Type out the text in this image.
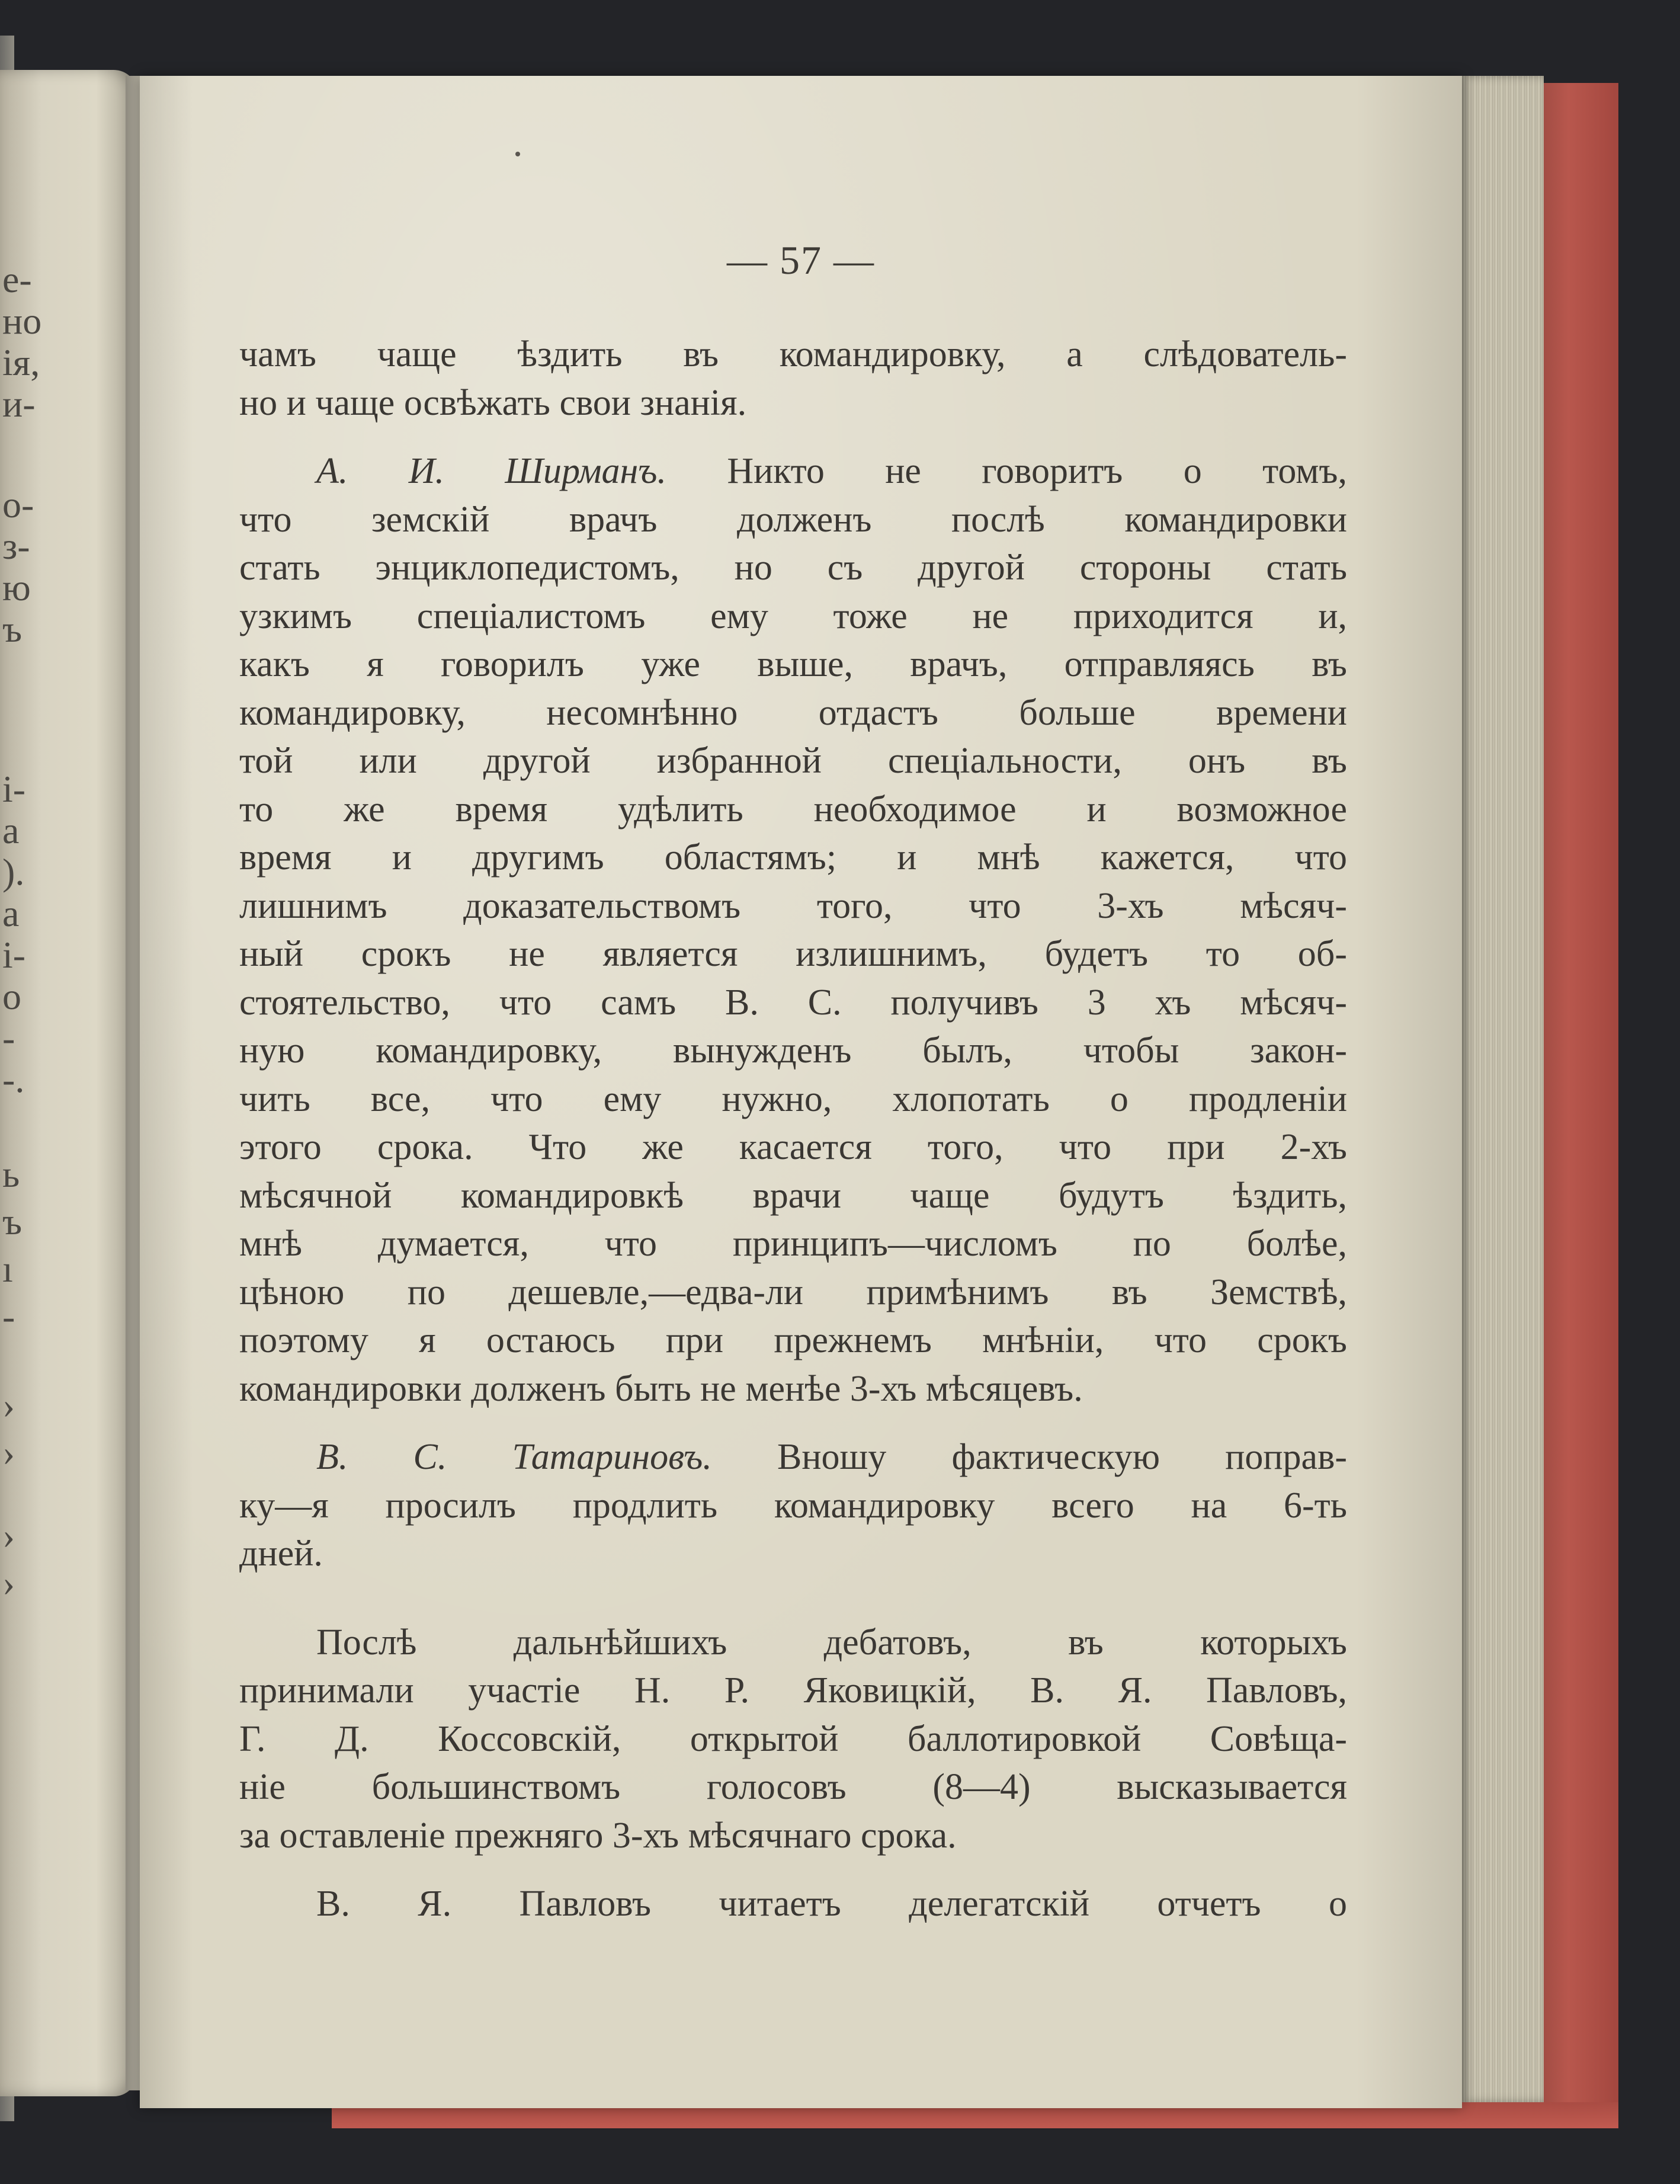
е-
но
ія,
и-
о-
з-
ю
ъ
і-
а
).
а
і-
о
-
-.
ь
ъ
ı
-
›
›
›
›
— 57 —
чамъ чаще ѣздить въ командировку, а слѣдователь-
но и чаще освѣжать свои знанія.
А. И. Ширманъ. Никто не говоритъ о томъ,
что земскій врачъ долженъ послѣ командировки
стать энциклопедистомъ, но съ другой стороны стать
узкимъ спеціалистомъ ему тоже не приходится и,
какъ я говорилъ уже выше, врачъ, отправляясь въ
командировку, несомнѣнно отдастъ больше времени
той или другой избранной спеціальности, онъ въ
то же время удѣлить необходимое и возможное
время и другимъ областямъ; и мнѣ кажется, что
лишнимъ доказательствомъ того, что 3-хъ мѣсяч-
ный срокъ не является излишнимъ, будетъ то об-
стоятельство, что самъ В. С. получивъ 3 хъ мѣсяч-
ную командировку, вынужденъ былъ, чтобы закон-
чить все, что ему нужно, хлопотать о продленіи
этого срока. Что же касается того, что при 2-хъ
мѣсячной командировкѣ врачи чаще будутъ ѣздить,
мнѣ думается, что принципъ—числомъ по болѣе,
цѣною по дешевле,—едва-ли примѣнимъ въ Земствѣ,
поэтому я остаюсь при прежнемъ мнѣніи, что срокъ
командировки долженъ быть не менѣе 3-хъ мѣсяцевъ.
В. С. Татариновъ. Вношу фактическую поправ-
ку—я просилъ продлить командировку всего на 6-ть
дней.
Послѣ дальнѣйшихъ дебатовъ, въ которыхъ
принимали участіе Н. Р. Яковицкій, В. Я. Павловъ,
Г. Д. Коссовскій, открытой баллотировкой Совѣща-
ніе большинствомъ голосовъ (8—4) высказывается
за оставленіе прежняго 3-хъ мѣсячнаго срока.
В. Я. Павловъ читаетъ делегатскій отчетъ о
